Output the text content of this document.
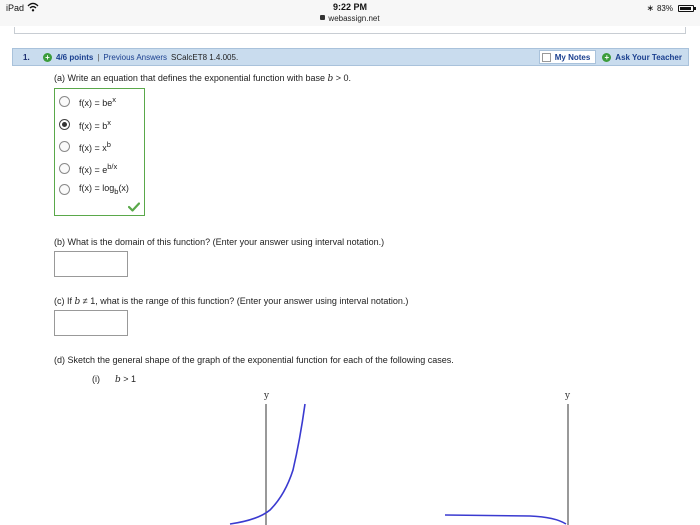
iPad	9:22 PM
webassign.net
∗ 83%
1.	+ 4/6 points | Previous Answers SCalcET8 1.4.005.	My Notes + Ask Your Teacher
(a) Write an equation that defines the exponential function with base b > 0.
$f(x) = be^x$
$f(x) = b^x$
$f(x) = x^b$
$f(x) = e^{b/x}$
$f(x) = \log_b(x)$
(b) What is the domain of this function? (Enter your answer using interval notation.)
(c) If b ≠ 1, what is the range of this function? (Enter your answer using interval notation.)
(d) Sketch the general shape of the graph of the exponential function for each of the following cases.
(i) b > 1
y	y
